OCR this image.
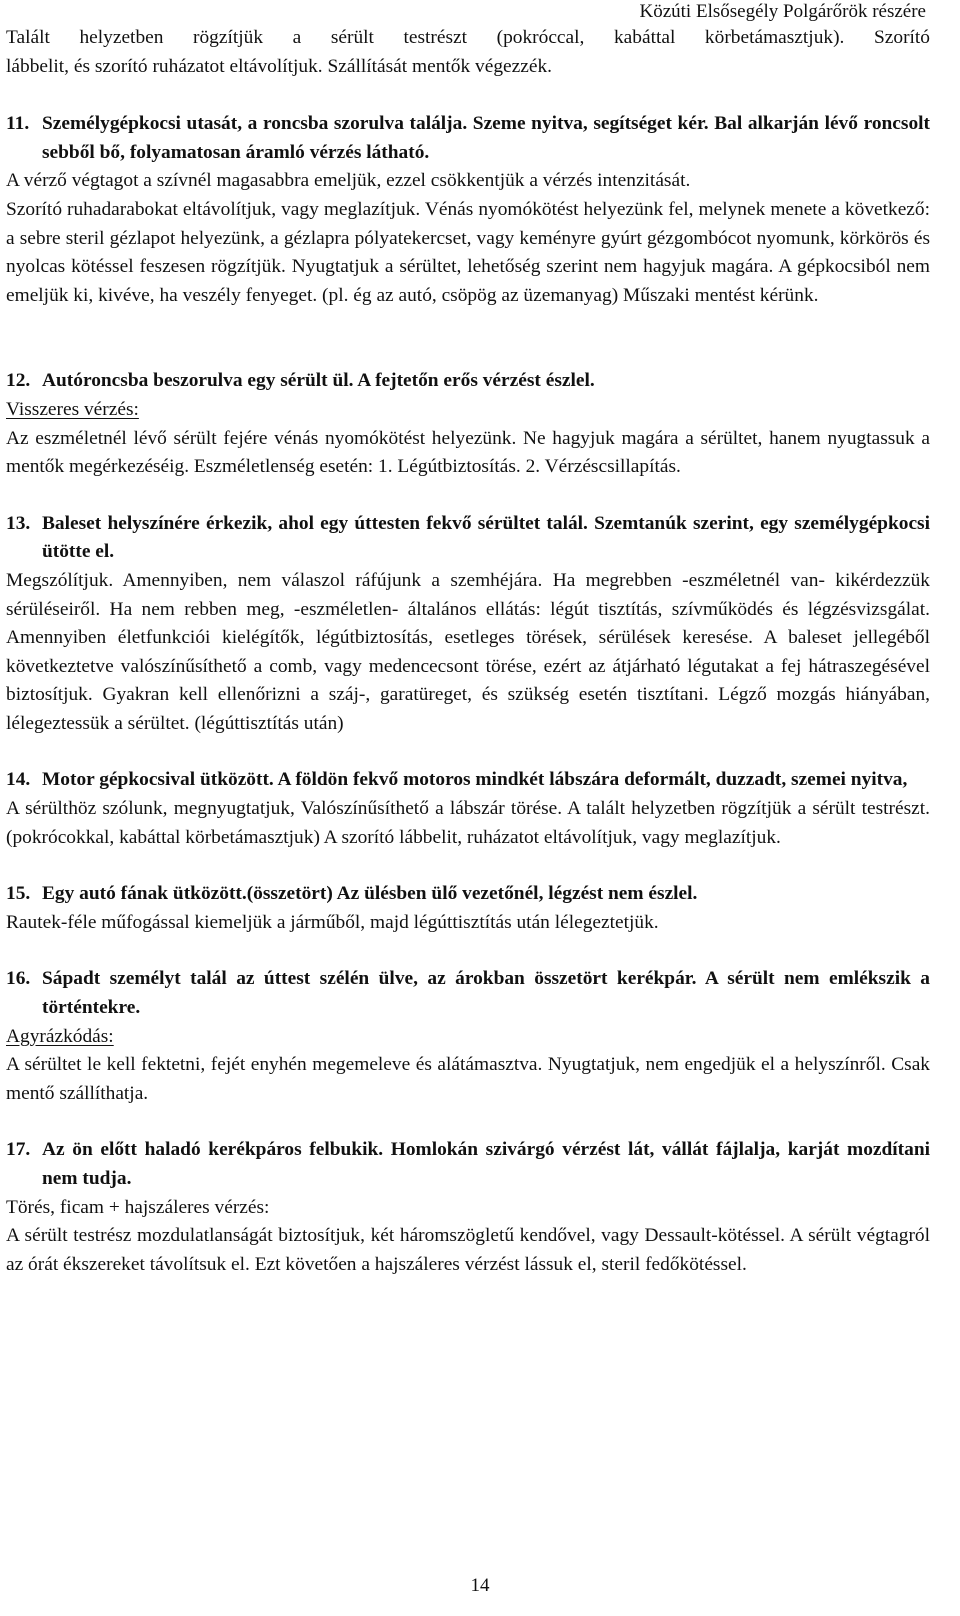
Közúti Elsősegély Polgárőrök részére

Talált helyzetben rögzítjük a sérült testrészt (pokróccal, kabáttal körbetámasztjuk). Szorító

lábbelit, és szorító ruházatot eltávolítjuk. Szállítását mentők végezzék.

11. Személygépkocsi utasát, a roncsba szorulva találja. Szeme nyitva, segítséget kér. Bal alkarján lévő roncsolt sebből bő, folyamatosan áramló vérzés látható.

A vérző végtagot a szívnél magasabbra emeljük, ezzel csökkentjük a vérzés intenzitását.

Szorító ruhadarabokat eltávolítjuk, vagy meglazítjuk. Vénás nyomókötést helyezünk fel, melynek menete a következő: a sebre steril gézlapot helyezünk, a gézlapra pólyatekercset, vagy keményre gyúrt gézgombócot nyomunk, körkörös és nyolcas kötéssel feszesen rögzítjük. Nyugtatjuk a sérültet, lehetőség szerint nem hagyjuk magára. A gépkocsiból nem emeljük ki, kivéve, ha veszély fenyeget. (pl. ég az autó, csöpög az üzemanyag) Műszaki mentést kérünk.

12. Autóroncsba beszorulva egy sérült ül. A fejtetőn erős vérzést észlel.

Visszeres vérzés:

Az eszméletnél lévő sérült fejére vénás nyomókötést helyezünk. Ne hagyjuk magára a sérültet, hanem nyugtassuk a mentők megérkezéséig. Eszméletlenség esetén: 1. Légútbiztosítás. 2. Vérzéscsillapítás.

13. Baleset helyszínére érkezik, ahol egy úttesten fekvő sérültet talál. Szemtanúk szerint, egy személygépkocsi ütötte el.

Megszólítjuk. Amennyiben, nem válaszol ráfújunk a szemhéjára. Ha megrebben -eszméletnél van- kikérdezzük sérüléseiről. Ha nem rebben meg, -eszméletlen- általános ellátás: légút tisztítás, szívműködés és légzésvizsgálat. Amennyiben életfunkciói kielégítők, légútbiztosítás, esetleges törések, sérülések keresése. A baleset jellegéből következtetve valószínűsíthető a comb, vagy medencecsont törése, ezért az átjárható légutakat a fej hátraszegésével biztosítjuk. Gyakran kell ellenőrizni a száj-, garatüreget, és szükség esetén tisztítani. Légző mozgás hiányában, lélegeztessük a sérültet. (légúttisztítás után)

14. Motor gépkocsival ütközött. A földön fekvő motoros mindkét lábszára deformált, duzzadt, szemei nyitva,

A sérülthöz szólunk, megnyugtatjuk, Valószínűsíthető a lábszár törése. A talált helyzetben rögzítjük a sérült testrészt. (pokrócokkal, kabáttal körbetámasztjuk) A szorító lábbelit, ruházatot eltávolítjuk, vagy meglazítjuk.

15. Egy autó fának ütközött.(összetört) Az ülésben ülő vezetőnél, légzést nem észlel.

Rautek-féle műfogással kiemeljük a járműből, majd légúttisztítás után lélegeztetjük.

16. Sápadt személyt talál az úttest szélén ülve, az árokban összetört kerékpár. A sérült nem emlékszik a történtekre.

Agyrázkódás:

A sérültet le kell fektetni, fejét enyhén megemeleve és alátámasztva. Nyugtatjuk, nem engedjük el a helyszínről. Csak mentő szállíthatja.

17. Az ön előtt haladó kerékpáros felbukik. Homlokán szivárgó vérzést lát, vállát fájlalja, karját mozdítani nem tudja.

Törés, ficam + hajszáleres vérzés:

A sérült testrész mozdulatlanságát biztosítjuk, két háromszögletű kendővel, vagy Dessault-kötéssel. A sérült végtagról az órát ékszereket távolítsuk el. Ezt követően a hajszáleres vérzést lássuk el, steril fedőkötéssel.

14
